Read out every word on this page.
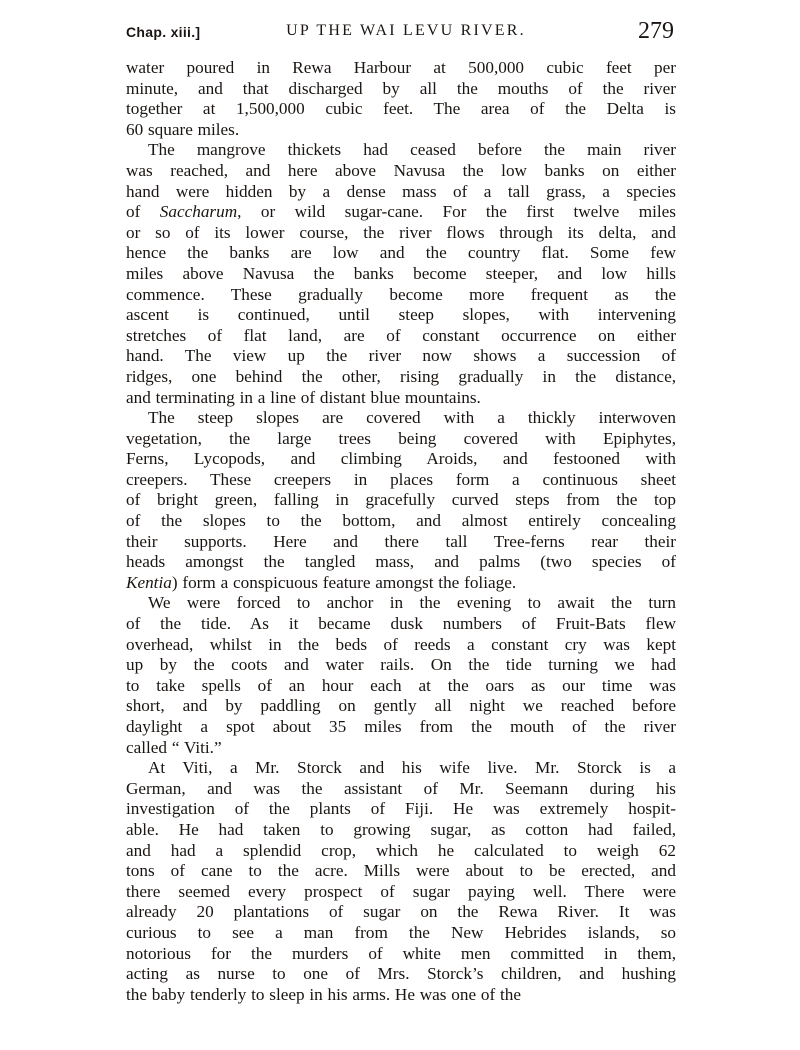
Chap. xiii.]	UP THE WAI LEVU RIVER.	279
water poured in Rewa Harbour at 500,000 cubic feet per
minute, and that discharged by all the mouths of the river
together at 1,500,000 cubic feet. The area of the Delta is
60 square miles.
The mangrove thickets had ceased before the main river
was reached, and here above Navusa the low banks on either
hand were hidden by a dense mass of a tall grass, a species
of Saccharum, or wild sugar-cane. For the first twelve miles
or so of its lower course, the river flows through its delta, and
hence the banks are low and the country flat. Some few
miles above Navusa the banks become steeper, and low hills
commence. These gradually become more frequent as the
ascent is continued, until steep slopes, with intervening
stretches of flat land, are of constant occurrence on either
hand. The view up the river now shows a succession of
ridges, one behind the other, rising gradually in the distance,
and terminating in a line of distant blue mountains.
The steep slopes are covered with a thickly interwoven
vegetation, the large trees being covered with Epiphytes,
Ferns, Lycopods, and climbing Aroids, and festooned with
creepers. These creepers in places form a continuous sheet
of bright green, falling in gracefully curved steps from the top
of the slopes to the bottom, and almost entirely concealing
their supports. Here and there tall Tree-ferns rear their
heads amongst the tangled mass, and palms (two species of
Kentia) form a conspicuous feature amongst the foliage.
We were forced to anchor in the evening to await the turn
of the tide. As it became dusk numbers of Fruit-Bats flew
overhead, whilst in the beds of reeds a constant cry was kept
up by the coots and water rails. On the tide turning we had
to take spells of an hour each at the oars as our time was
short, and by paddling on gently all night we reached before
daylight a spot about 35 miles from the mouth of the river
called “ Viti.”
At Viti, a Mr. Storck and his wife live. Mr. Storck is a
German, and was the assistant of Mr. Seemann during his
investigation of the plants of Fiji. He was extremely hospit-
able. He had taken to growing sugar, as cotton had failed,
and had a splendid crop, which he calculated to weigh 62
tons of cane to the acre. Mills were about to be erected, and
there seemed every prospect of sugar paying well. There were
already 20 plantations of sugar on the Rewa River. It was
curious to see a man from the New Hebrides islands, so
notorious for the murders of white men committed in them,
acting as nurse to one of Mrs. Storck’s children, and hushing
the baby tenderly to sleep in his arms. He was one of the
